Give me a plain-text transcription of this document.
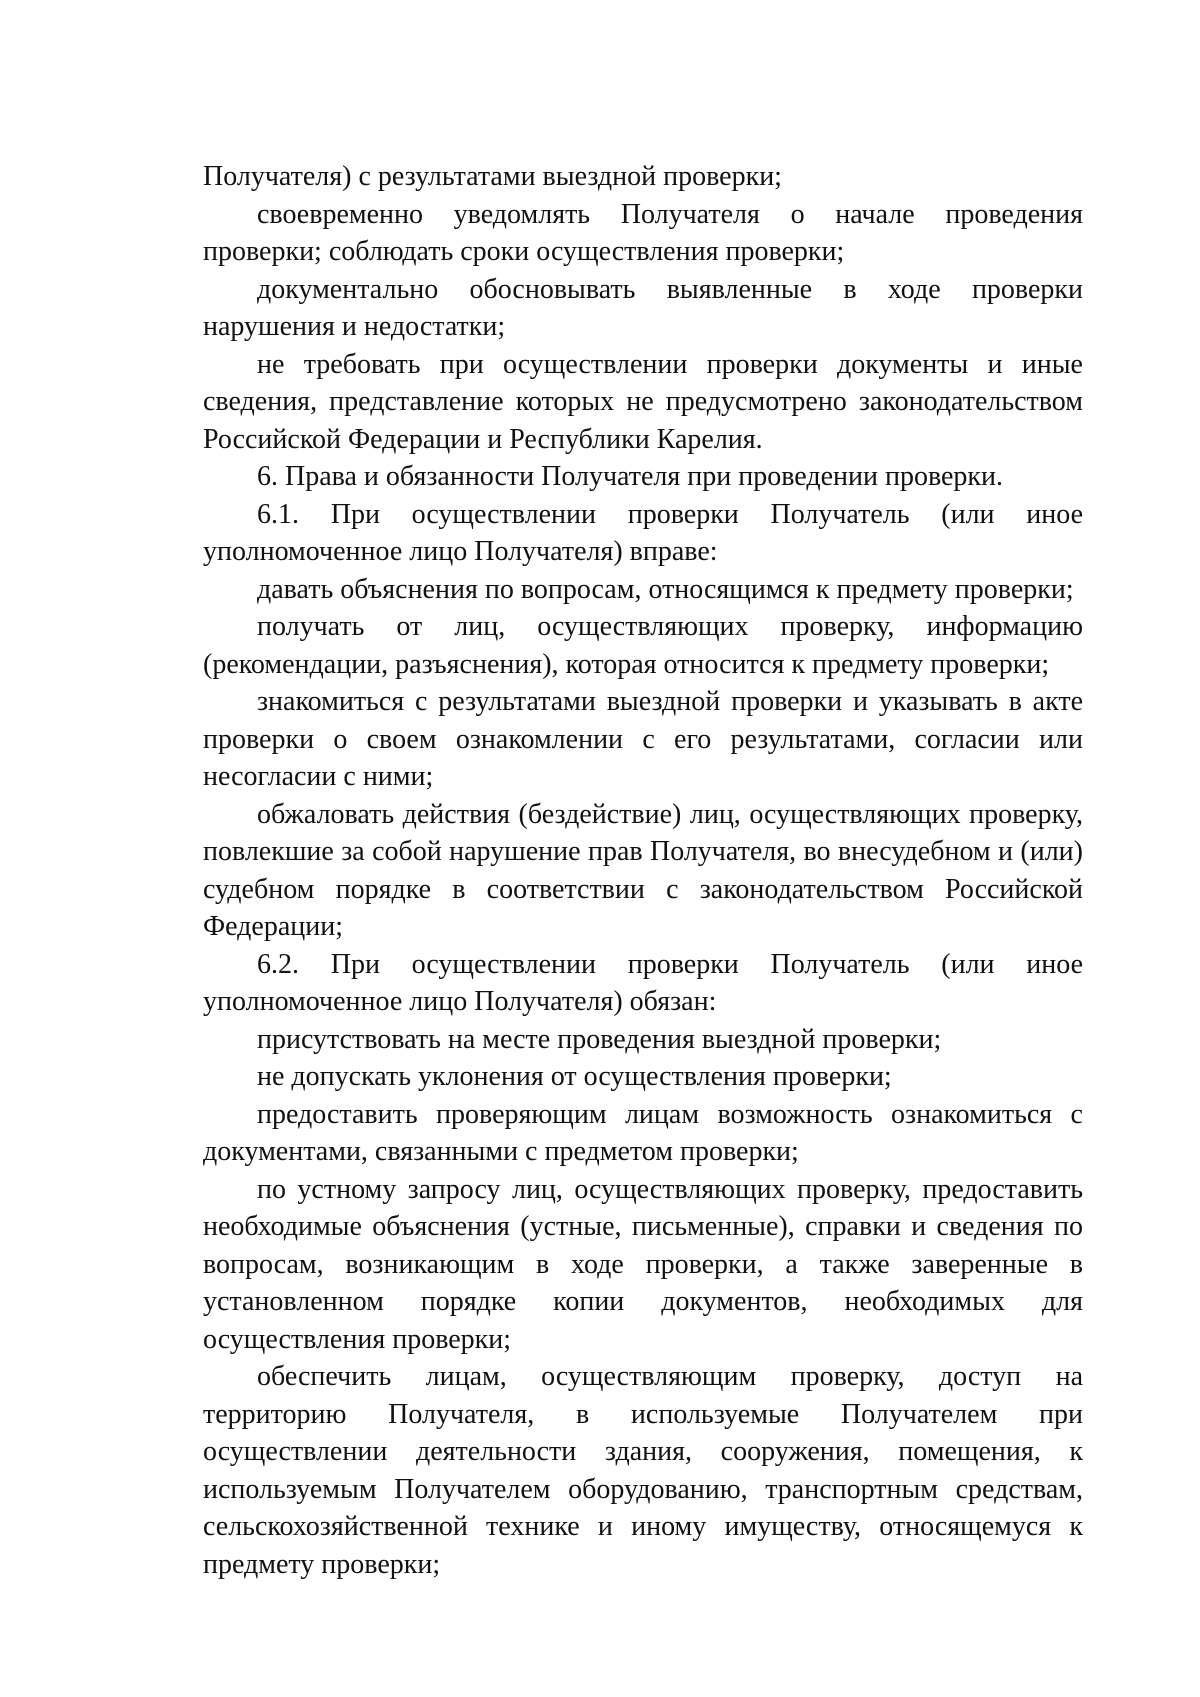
Получателя) с результатами выездной проверки;

своевременно уведомлять Получателя о начале проведения проверки; соблюдать сроки осуществления проверки;

документально обосновывать выявленные в ходе проверки нарушения и недостатки;

не требовать при осуществлении проверки документы и иные сведения, представление которых не предусмотрено законодательством Российской Федерации и Республики Карелия.

6. Права и обязанности Получателя при проведении проверки.

6.1. При осуществлении проверки Получатель (или иное уполномоченное лицо Получателя) вправе:

давать объяснения по вопросам, относящимся к предмету проверки;

получать от лиц, осуществляющих проверку, информацию (рекомендации, разъяснения), которая относится к предмету проверки;

знакомиться с результатами выездной проверки и указывать в акте проверки о своем ознакомлении с его результатами, согласии или несогласии с ними;

обжаловать действия (бездействие) лиц, осуществляющих проверку, повлекшие за собой нарушение прав Получателя, во внесудебном и (или) судебном порядке в соответствии с законодательством Российской Федерации;

6.2. При осуществлении проверки Получатель (или иное уполномоченное лицо Получателя) обязан:

присутствовать на месте проведения выездной проверки;

не допускать уклонения от осуществления проверки;

предоставить проверяющим лицам возможность ознакомиться с документами, связанными с предметом проверки;

по устному запросу лиц, осуществляющих проверку, предоставить необходимые объяснения (устные, письменные), справки и сведения по вопросам, возникающим в ходе проверки, а также заверенные в установленном порядке копии документов, необходимых для осуществления проверки;

обеспечить лицам, осуществляющим проверку, доступ на территорию Получателя, в используемые Получателем при осуществлении деятельности здания, сооружения, помещения, к используемым Получателем оборудованию, транспортным средствам, сельскохозяйственной технике и иному имуществу, относящемуся к предмету проверки;
